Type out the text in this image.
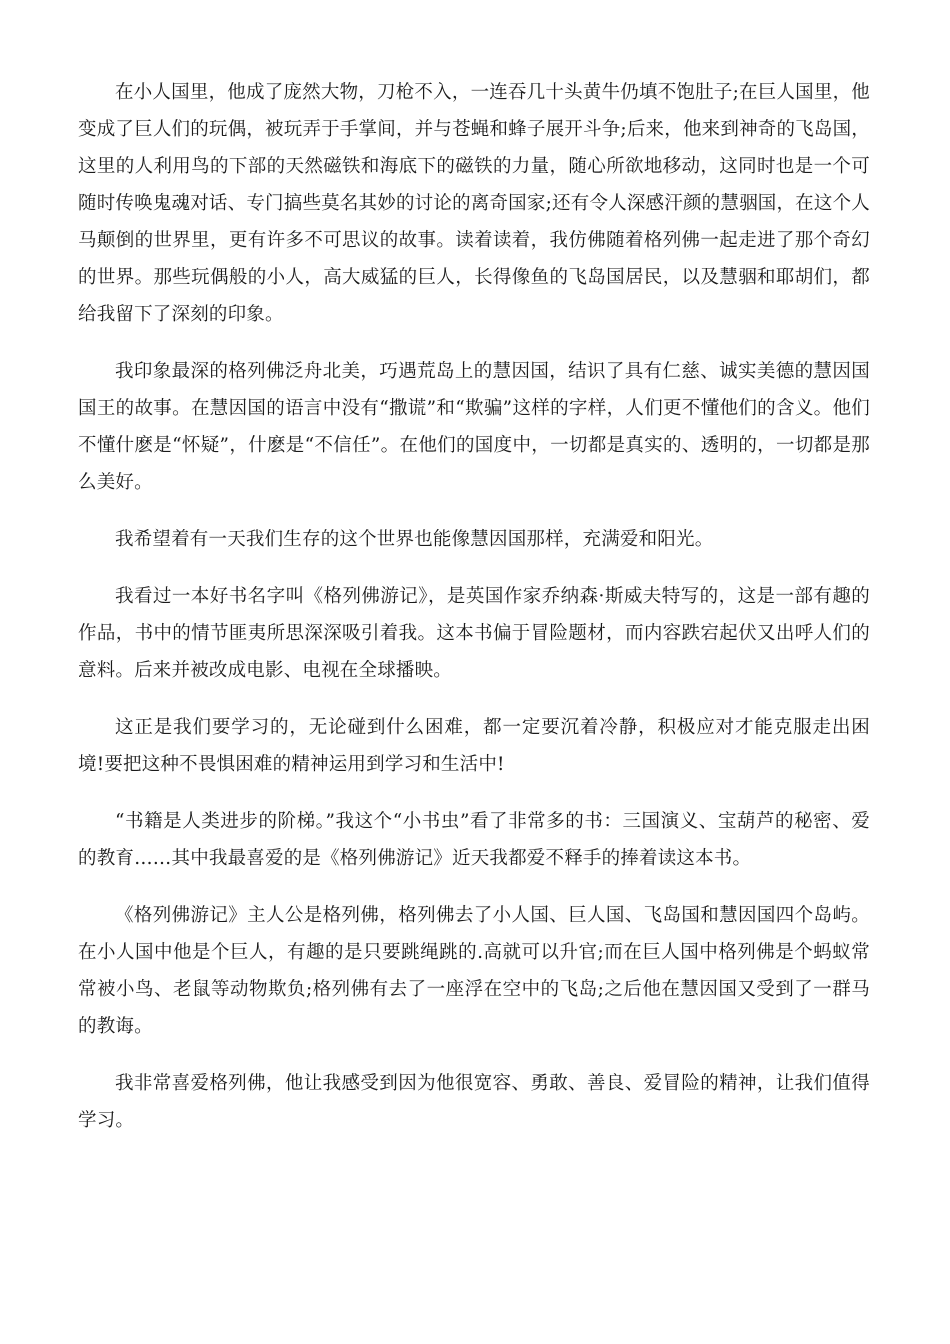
在小人国里，他成了庞然大物，刀枪不入，一连吞几十头黄牛仍填不饱肚子;在巨人国里，他变成了巨人们的玩偶，被玩弄于手掌间，并与苍蝇和蜂子展开斗争;后来，他来到神奇的飞岛国，这里的人利用鸟的下部的天然磁铁和海底下的磁铁的力量，随心所欲地移动，这同时也是一个可随时传唤鬼魂对话、专门搞些莫名其妙的讨论的离奇国家;还有令人深感汗颜的慧骃国，在这个人马颠倒的世界里，更有许多不可思议的故事。读着读着，我仿佛随着格列佛一起走进了那个奇幻的世界。那些玩偶般的小人，高大威猛的巨人，长得像鱼的飞岛国居民，以及慧骃和耶胡们，都给我留下了深刻的印象。

我印象最深的格列佛泛舟北美，巧遇荒岛上的慧因国，结识了具有仁慈、诚实美德的慧因国国王的故事。在慧因国的语言中没有“撒谎”和“欺骗”这样的字样，人们更不懂他们的含义。他们不懂什麽是“怀疑”，什麽是“不信任”。在他们的国度中，一切都是真实的、透明的，一切都是那么美好。

我希望着有一天我们生存的这个世界也能像慧因国那样，充满爱和阳光。

我看过一本好书名字叫《格列佛游记》，是英国作家乔纳森·斯威夫特写的，这是一部有趣的作品，书中的情节匪夷所思深深吸引着我。这本书偏于冒险题材，而内容跌宕起伏又出呼人们的意料。后来并被改成电影、电视在全球播映。

这正是我们要学习的，无论碰到什么困难，都一定要沉着冷静，积极应对才能克服走出困境!要把这种不畏惧困难的精神运用到学习和生活中!

“书籍是人类进步的阶梯。”我这个“小书虫”看了非常多的书：三国演义、宝葫芦的秘密、爱的教育……其中我最喜爱的是《格列佛游记》近天我都爱不释手的捧着读这本书。

《格列佛游记》主人公是格列佛，格列佛去了小人国、巨人国、飞岛国和慧因国四个岛屿。在小人国中他是个巨人，有趣的是只要跳绳跳的.高就可以升官;而在巨人国中格列佛是个蚂蚁常常被小鸟、老鼠等动物欺负;格列佛有去了一座浮在空中的飞岛;之后他在慧因国又受到了一群马的教诲。

我非常喜爱格列佛，他让我感受到因为他很宽容、勇敢、善良、爱冒险的精神，让我们值得学习。
